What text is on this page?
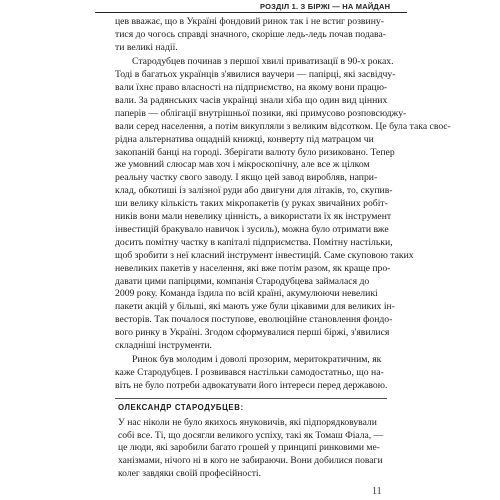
РОЗДІЛ 1. З БІРЖІ — НА МАЙДАН
цев вважає, що в Україні фондовий ринок так і не встиг розвину-
тися до чогось справді значного, скоріше ледь-ледь почав подава-
ти великі надії.
Стародубцев починав з першої хвилі приватизації в 90-х роках.
Тоді в багатьох українців з'явилися ваучери — папірці, які засвідчу-
вали їхнє право власності на підприємство, на якому вони працю-
вали. За радянських часів українці знали хіба що один вид цінних
паперів — облігації внутрішньої позики, які примусово розповсюджу-
вали серед населення, а потім викупляли з великим відсотком. Це була така своє-
рідна альтернатива ощадній книжці, конверту під матрацом чи
закопаній банці на городі. Зберігати валюту було ризиковано. Тепер
же умовний слюсар мав хоч і мікроскопічну, але все ж цілком
реальну частку свого заводу. І якщо цей завод виробляв, напри-
клад, обкотиші із залізної руди або двигуни для літаків, то, скупив-
ши велику кількість таких мікропакетів (у руках звичайних робіт-
ників вони мали невелику цінність, а використати їх як інструмент
інвестицій бракувало навичок і зусиль), можна було отримати вже
досить помітну частку в капіталі підприємства. Помітну настільки,
щоб зробити з неї класний інструмент інвестицій. Саме скуповою таких
невеликих пакетів у населення, які вже потім разом, як краще про-
давати цими папірцями, компанія Стародубцева займалася до
2009 року. Команда їздила по всій країні, акумулюючи невеликі
пакети акцій у більші, які мають уже були цікавими для великих ін-
весторів. Так почалося поступове, еволюційне становлення фондо-
вого ринку в Україні. Згодом сформувалися перші біржі, з'явилися
складніші інструменти.
Ринок був молодим і доволі прозорим, меритократичним, як
каже Стародубцев. І розвивався настільки самодостатньо, що на-
віть не було потреби адвокатувати його інтереси перед державою.
ОЛЕКСАНДР СТАРОДУБЦЕВ:
У нас ніколи не було якихось януковичів, які підпорядковували
собі все. Ті, що досягли великого успіху, такі як Томаш Фіала, —
це люди, які заробили багато грошей у принципі ринковими ме-
ханізмами, нічого ні в кого не забираючи. Вони добилися поваги
колег завдяки своїй професійності.
11
